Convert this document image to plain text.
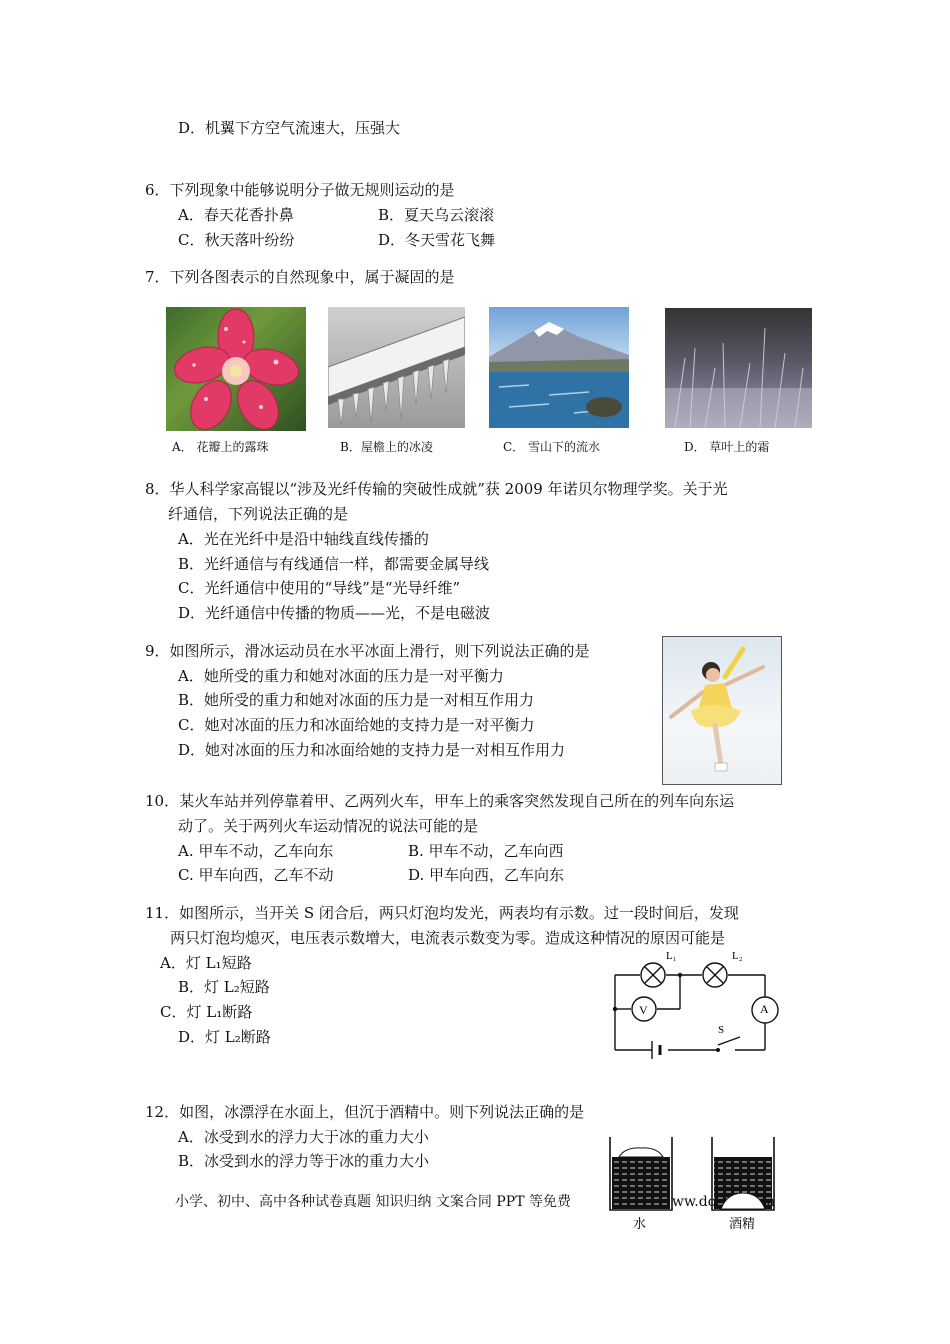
D．机翼下方空气流速大，压强大
6．下列现象中能够说明分子做无规则运动的是
A．春天花香扑鼻	B．夏天乌云滚滚
C．秋天落叶纷纷	D．冬天雪花飞舞
7．下列各图表示的自然现象中，属于凝固的是
A． 花瓣上的露珠	B．屋檐上的冰凌	C． 雪山下的流水	D． 草叶上的霜
8．华人科学家高锟以“涉及光纤传输的突破性成就”获 2009 年诺贝尔物理学奖。关于光
纤通信，下列说法正确的是
A．光在光纤中是沿中轴线直线传播的
B．光纤通信与有线通信一样，都需要金属导线
C．光纤通信中使用的“导线”是“光导纤维”
D．光纤通信中传播的物质——光，不是电磁波
9．如图所示，滑冰运动员在水平冰面上滑行，则下列说法正确的是
A．她所受的重力和她对冰面的压力是一对平衡力
B．她所受的重力和她对冰面的压力是一对相互作用力
C．她对冰面的压力和冰面给她的支持力是一对平衡力
D．她对冰面的压力和冰面给她的支持力是一对相互作用力
10．某火车站并列停靠着甲、乙两列火车，甲车上的乘客突然发现自己所在的列车向东运
动了。关于两列火车运动情况的说法可能的是
A. 甲车不动，乙车向东	B. 甲车不动，乙车向西
C. 甲车向西，乙车不动	D. 甲车向西，乙车向东
11．如图所示，当开关 S 闭合后，两只灯泡均发光，两表均有示数。过一段时间后，发现
两只灯泡均熄灭，电压表示数增大，电流表示数变为零。造成这种情况的原因可能是
A．灯 L₁短路
B．灯 L₂短路
C．灯 L₁断路
D．灯 L₂断路
L₁	L₂
V	A
S
12．如图，冰漂浮在水面上，但沉于酒精中。则下列说法正确的是
A．冰受到水的浮力大于冰的重力大小
B．冰受到水的浮力等于冰的重力大小
水	酒精
小学、初中、高中各种试卷真题 知识归纳 文案合同 PPT 等免费	ww.do	n
